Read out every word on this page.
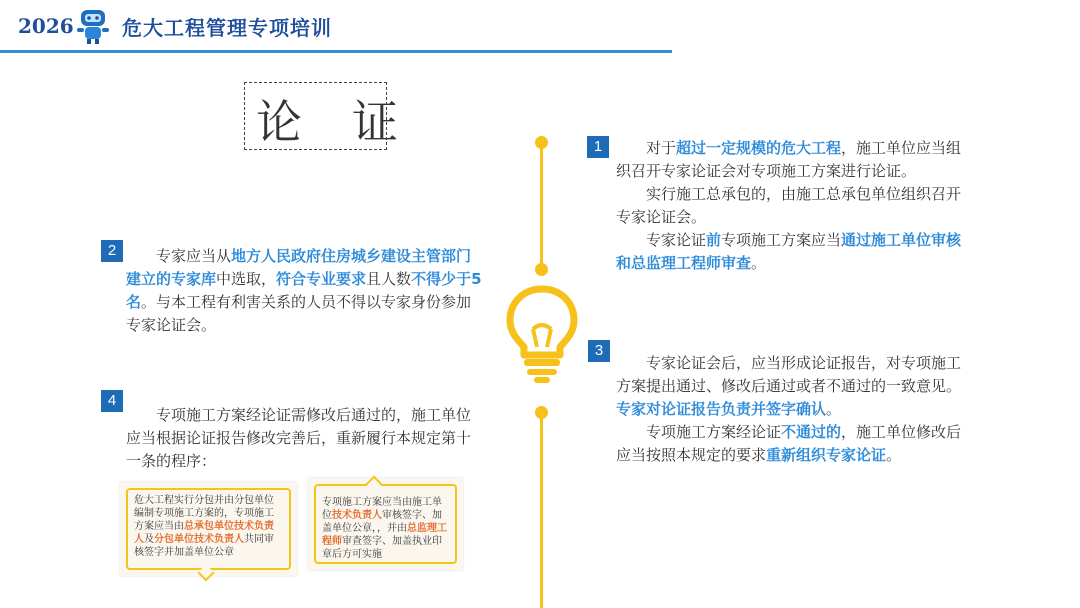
2026 危大工程管理专项培训
论证	1	对于超过一定规模的危大工程，施工单位应当组织召开专家论证会对专项施工方案进行论证。

实行施工总承包的，由施工总承包单位组织召开专家论证会。

专家论证前专项施工方案应当通过施工单位审核和总监理工程师审查。

2	专家应当从地方人民政府住房城乡建设主管部门建立的专家库中选取，符合专业要求且人数不得少于5名。与本工程有利害关系的人员不得以专家身份参加专家论证会。

3

专家论证会后，应当形成论证报告，对专项施工方案提出通过、修改后通过或者不通过的一致意见。专家对论证报告负责并签字确认。

专项施工方案经论证不通过的，施工单位修改后应当按照本规定的要求重新组织专家论证。

4

专项施工方案经论证需修改后通过的，施工单位应当根据论证报告修改完善后，重新履行本规定第十一条的程序：

危大工程实行分包并由分包单位编制专项施工方案的，专项施工方案应当由总承包单位技术负责人及分包单位技术负责人共同审核签字并加盖单位公章
专项施工方案应当由施工单位技术负责人审核签字、加盖单位公章，，并由总监理工程师审查签字、加盖执业印章后方可实施
